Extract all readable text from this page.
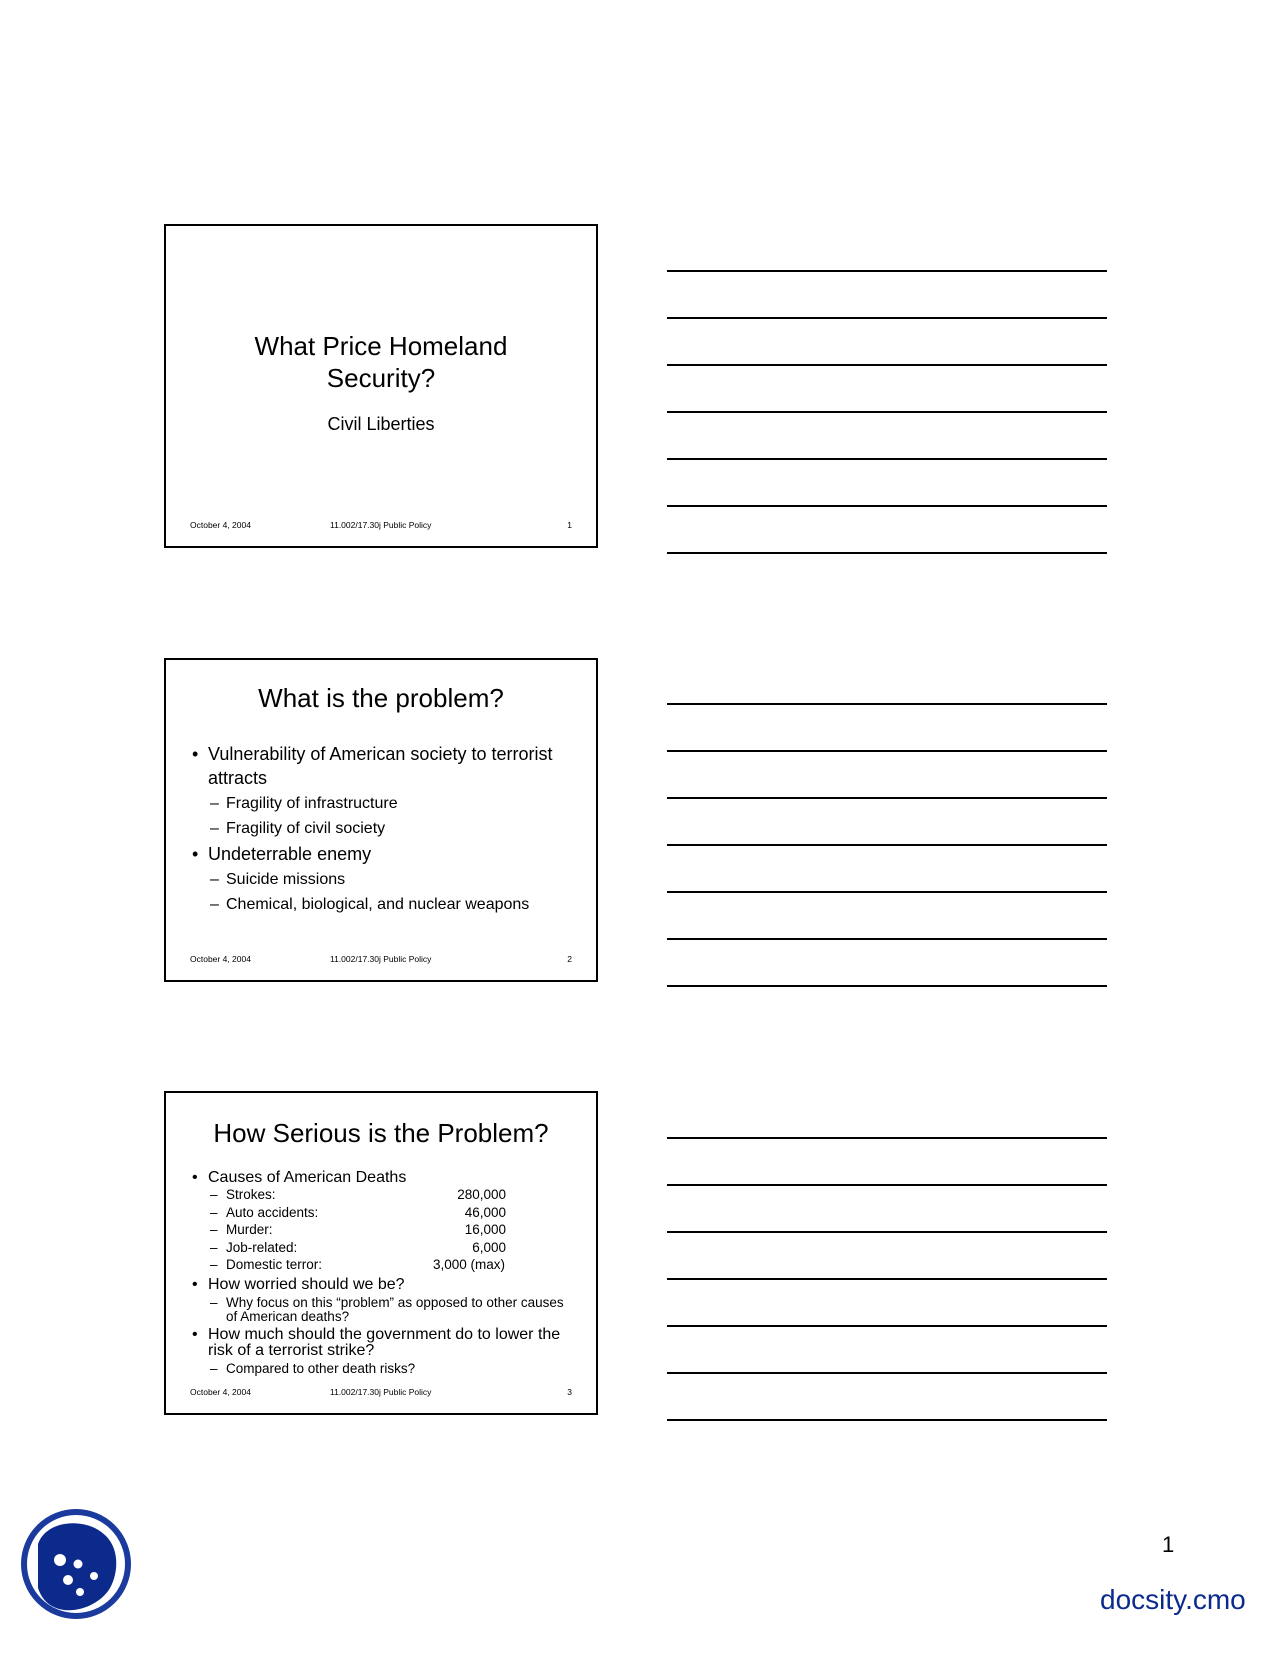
What Price Homeland
Security?
Civil Liberties
October 4, 2004	11.002/17.30j Public Policy	1
What is the problem?
• Vulnerability of American society to terrorist attracts
– Fragility of infrastructure
– Fragility of civil society
• Undeterrable enemy
– Suicide missions
– Chemical, biological, and nuclear weapons
October 4, 2004	11.002/17.30j Public Policy	2
How Serious is the Problem?
• Causes of American Deaths
– Strokes:	280,000
– Auto accidents:	46,000
– Murder:	16,000
– Job-related:	6,000
– Domestic terror:	3,000 (max)
• How worried should we be?
– Why focus on this “problem” as opposed to other causes of American deaths?
• How much should the government do to lower the risk of a terrorist strike?
– Compared to other death risks?
October 4, 2004	11.002/17.30j Public Policy	3
1
docsity.cmo
